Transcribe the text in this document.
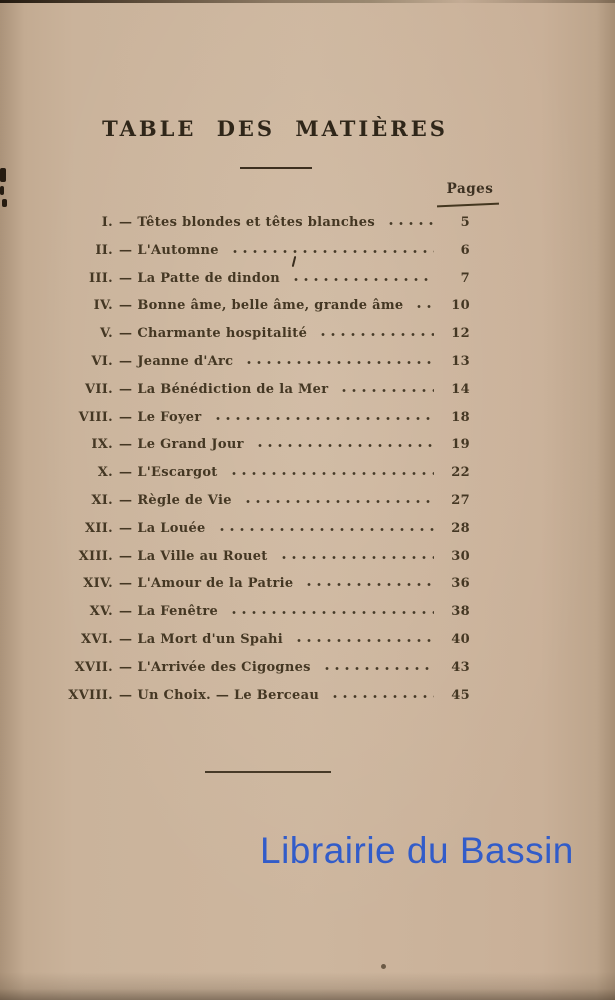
TABLE DES MATIÈRES
Pages
I. — Têtes blondes et têtes blanches	5
II. — L'Automne	6
III. — La Patte de dindon	7
IV. — Bonne âme, belle âme, grande âme	10
V. — Charmante hospitalité	12
VI. — Jeanne d'Arc	13
VII. — La Bénédiction de la Mer	14
VIII. — Le Foyer	18
IX. — Le Grand Jour	19
X. — L'Escargot	22
XI. — Règle de Vie	27
XII. — La Louée	28
XIII. — La Ville au Rouet	30
XIV. — L'Amour de la Patrie	36
XV. — La Fenêtre	38
XVI. — La Mort d'un Spahi	40
XVII. — L'Arrivée des Cigognes	43
XVIII. — Un Choix. — Le Berceau	45
Librairie du Bassin
